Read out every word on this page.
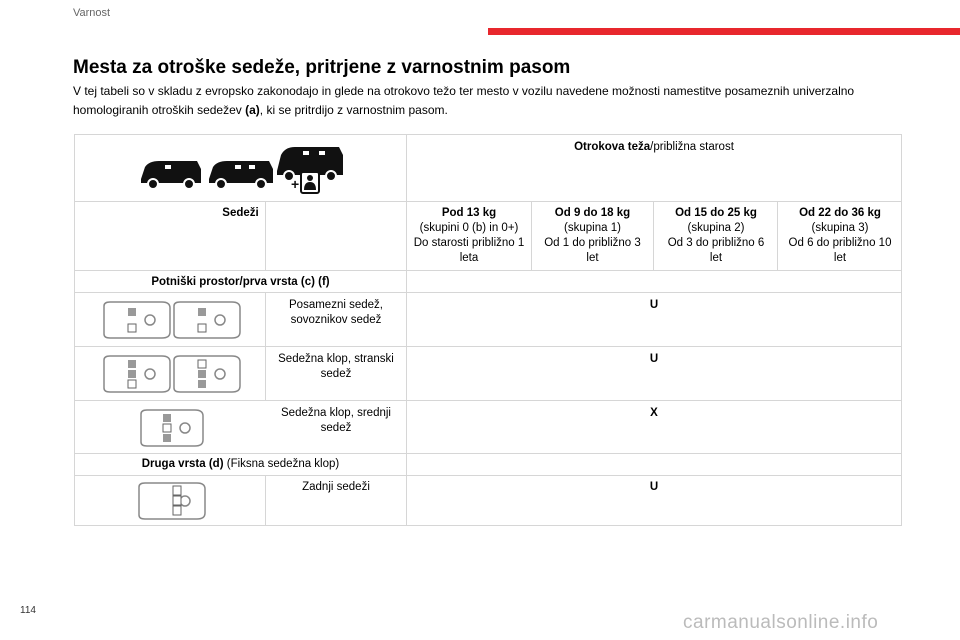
Varnost
Mesta za otroške sedeže, pritrjene z varnostnim pasom
V tej tabeli so v skladu z evropsko zakonodajo in glede na otrokovo težo ter mesto v vozilu navedene možnosti namestitve posameznih univerzalno homologiranih otroških sedežev (a), ki se pritrdijo z varnostnim pasom.
+
Otrokova teža/približna starost
Sedeži	Pod 13 kg
(skupini 0 (b) in 0+)
Do starosti približno 1 leta
Od 9 do 18 kg
(skupina 1)
Od 1 do približno 3 let
Od 15 do 25 kg
(skupina 2)
Od 3 do približno 6 let
Od 22 do 36 kg
(skupina 3)
Od 6 do približno 10 let
Potniški prostor/prva vrsta (c) (f)
Posamezni sedež, sovoznikov sedež
U
Sedežna klop, stranski sedež
U
Sedežna klop, srednji sedež
X
Druga vrsta (d) (Fiksna sedežna klop)
Zadnji sedeži	U
114
carmanualsonline.info
